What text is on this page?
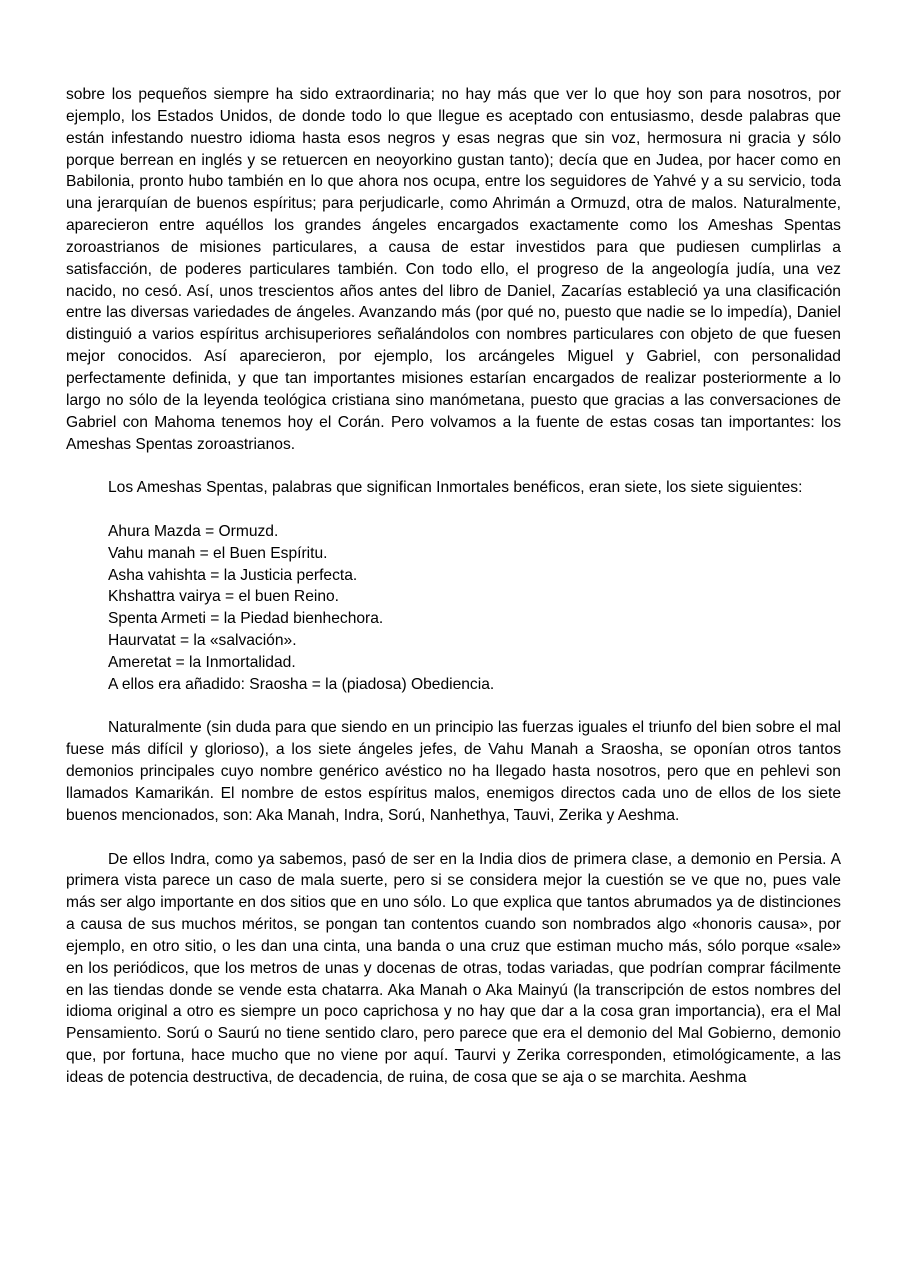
sobre los pequeños siempre ha sido extraordinaria; no hay más que ver lo que hoy son para nosotros, por ejemplo, los Estados Unidos, de donde todo lo que llegue es aceptado con entusiasmo, desde palabras que están infestando nuestro idioma hasta esos negros y esas negras que sin voz, hermosura ni gracia y sólo porque berrean en inglés y se retuercen en neoyorkino gustan tanto); decía que en Judea, por hacer como en Babilonia, pronto hubo también en lo que ahora nos ocupa, entre los seguidores de Yahvé y a su servicio, toda una jerarquían de buenos espíritus; para perjudicarle, como Ahrimán a Ormuzd, otra de malos. Naturalmente, aparecieron entre aquéllos los grandes ángeles encargados exactamente como los Ameshas Spentas zoroastrianos de misiones particulares, a causa de estar investidos para que pudiesen cumplirlas a satisfacción, de poderes particulares también. Con todo ello, el progreso de la angeología judía, una vez nacido, no cesó. Así, unos trescientos años antes del libro de Daniel, Zacarías estableció ya una clasificación entre las diversas variedades de ángeles. Avanzando más (por qué no, puesto que nadie se lo impedía), Daniel distinguió a varios espíritus archisuperiores señalándolos con nombres particulares con objeto de que fuesen mejor conocidos. Así aparecieron, por ejemplo, los arcángeles Miguel y Gabriel, con personalidad perfectamente definida, y que tan importantes misiones estarían encargados de realizar posteriormente a lo largo no sólo de la leyenda teológica cristiana sino manómetana, puesto que gracias a las conversaciones de Gabriel con Mahoma tenemos hoy el Corán. Pero volvamos a la fuente de estas cosas tan importantes: los Ameshas Spentas zoroastrianos.

Los Ameshas Spentas, palabras que significan Inmortales benéficos, eran siete, los siete siguientes:

Ahura Mazda = Ormuzd.
Vahu manah = el Buen Espíritu.
Asha vahishta = la Justicia perfecta.
Khshattra vairya = el buen Reino.
Spenta Armeti = la Piedad bienhechora.
Haurvatat = la «salvación».
Ameretat = la Inmortalidad.
A ellos era añadido: Sraosha = la (piadosa) Obediencia.

Naturalmente (sin duda para que siendo en un principio las fuerzas iguales el triunfo del bien sobre el mal fuese más difícil y glorioso), a los siete ángeles jefes, de Vahu Manah a Sraosha, se oponían otros tantos demonios principales cuyo nombre genérico avéstico no ha llegado hasta nosotros, pero que en pehlevi son llamados Kamarikán. El nombre de estos espíritus malos, enemigos directos cada uno de ellos de los siete buenos mencionados, son: Aka Manah, Indra, Sorú, Nanhethya, Tauvi, Zerika y Aeshma.

De ellos Indra, como ya sabemos, pasó de ser en la India dios de primera clase, a demonio en Persia. A primera vista parece un caso de mala suerte, pero si se considera mejor la cuestión se ve que no, pues vale más ser algo importante en dos sitios que en uno sólo. Lo que explica que tantos abrumados ya de distinciones a causa de sus muchos méritos, se pongan tan contentos cuando son nombrados algo «honoris causa», por ejemplo, en otro sitio, o les dan una cinta, una banda o una cruz que estiman mucho más, sólo porque «sale» en los periódicos, que los metros de unas y docenas de otras, todas variadas, que podrían comprar fácilmente en las tiendas donde se vende esta chatarra. Aka Manah o Aka Mainyú (la transcripción de estos nombres del idioma original a otro es siempre un poco caprichosa y no hay que dar a la cosa gran importancia), era el Mal Pensamiento. Sorú o Saurú no tiene sentido claro, pero parece que era el demonio del Mal Gobierno, demonio que, por fortuna, hace mucho que no viene por aquí. Taurvi y Zerika corresponden, etimológicamente, a las ideas de potencia destructiva, de decadencia, de ruina, de cosa que se aja o se marchita. Aeshma
